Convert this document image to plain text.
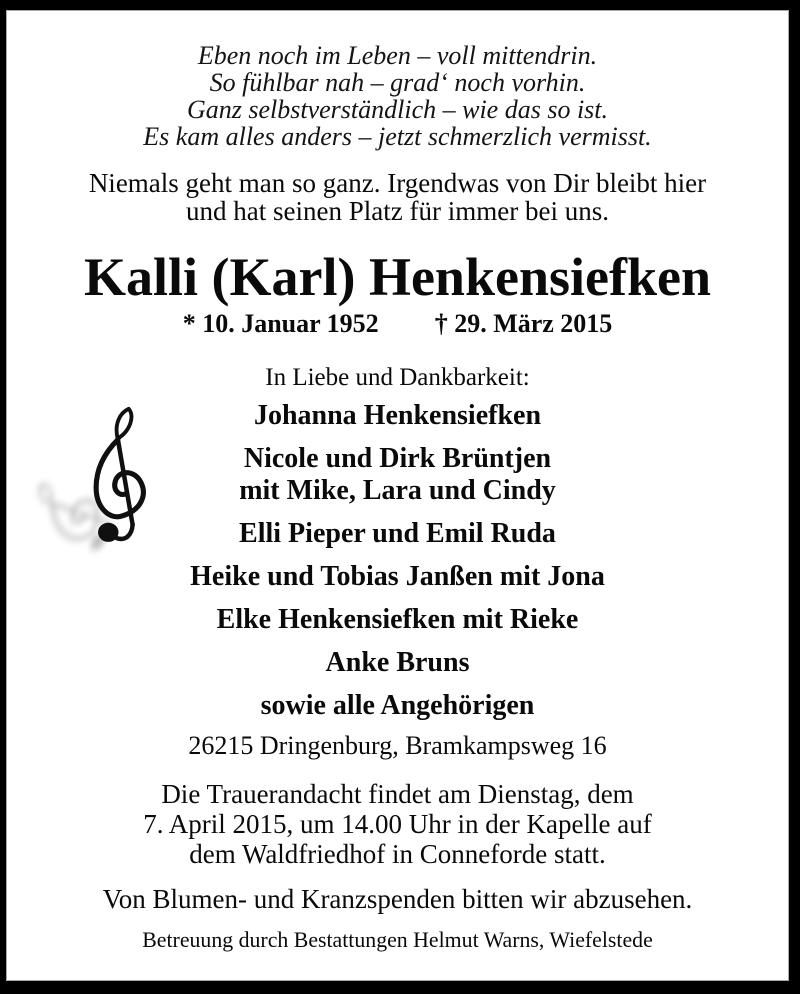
Eben noch im Leben – voll mittendrin.
So fühlbar nah – grad‘ noch vorhin.
Ganz selbstverständlich – wie das so ist.
Es kam alles anders – jetzt schmerzlich vermisst.
Niemals geht man so ganz. Irgendwas von Dir bleibt hier
und hat seinen Platz für immer bei uns.
Kalli (Karl) Henkensiefken
* 10. Januar 1952 † 29. März 2015
In Liebe und Dankbarkeit:
Johanna Henkensiefken
Nicole und Dirk Brüntjen
mit Mike, Lara und Cindy
Elli Pieper und Emil Ruda
Heike und Tobias Janßen mit Jona
Elke Henkensiefken mit Rieke
Anke Bruns
sowie alle Angehörigen
26215 Dringenburg, Bramkampsweg 16
Die Trauerandacht findet am Dienstag, dem
7. April 2015, um 14.00 Uhr in der Kapelle auf
dem Waldfriedhof in Conneforde statt.
Von Blumen- und Kranzspenden bitten wir abzusehen.
Betreuung durch Bestattungen Helmut Warns, Wiefelstede
